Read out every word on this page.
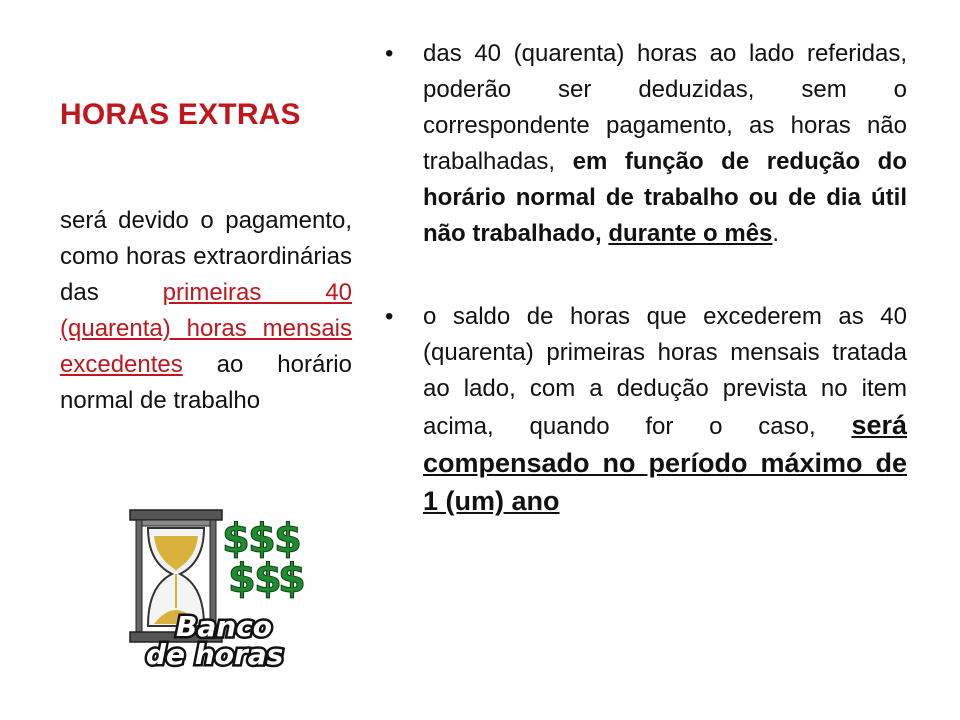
HORAS EXTRAS
será devido o pagamento, como horas extraordinárias das primeiras 40 (quarenta) horas mensais excedentes ao horário normal de trabalho
• das 40 (quarenta) horas ao lado referidas, poderão ser deduzidas, sem o correspondente pagamento, as horas não trabalhadas, em função de redução do horário normal de trabalho ou de dia útil não trabalhado, durante o mês.
• o saldo de horas que excederem as 40 (quarenta) primeiras horas mensais tratada ao lado, com a dedução prevista no item acima, quando for o caso, será compensado no período máximo de 1 (um) ano
$
$
$
$
$
$
Banco
de horas
